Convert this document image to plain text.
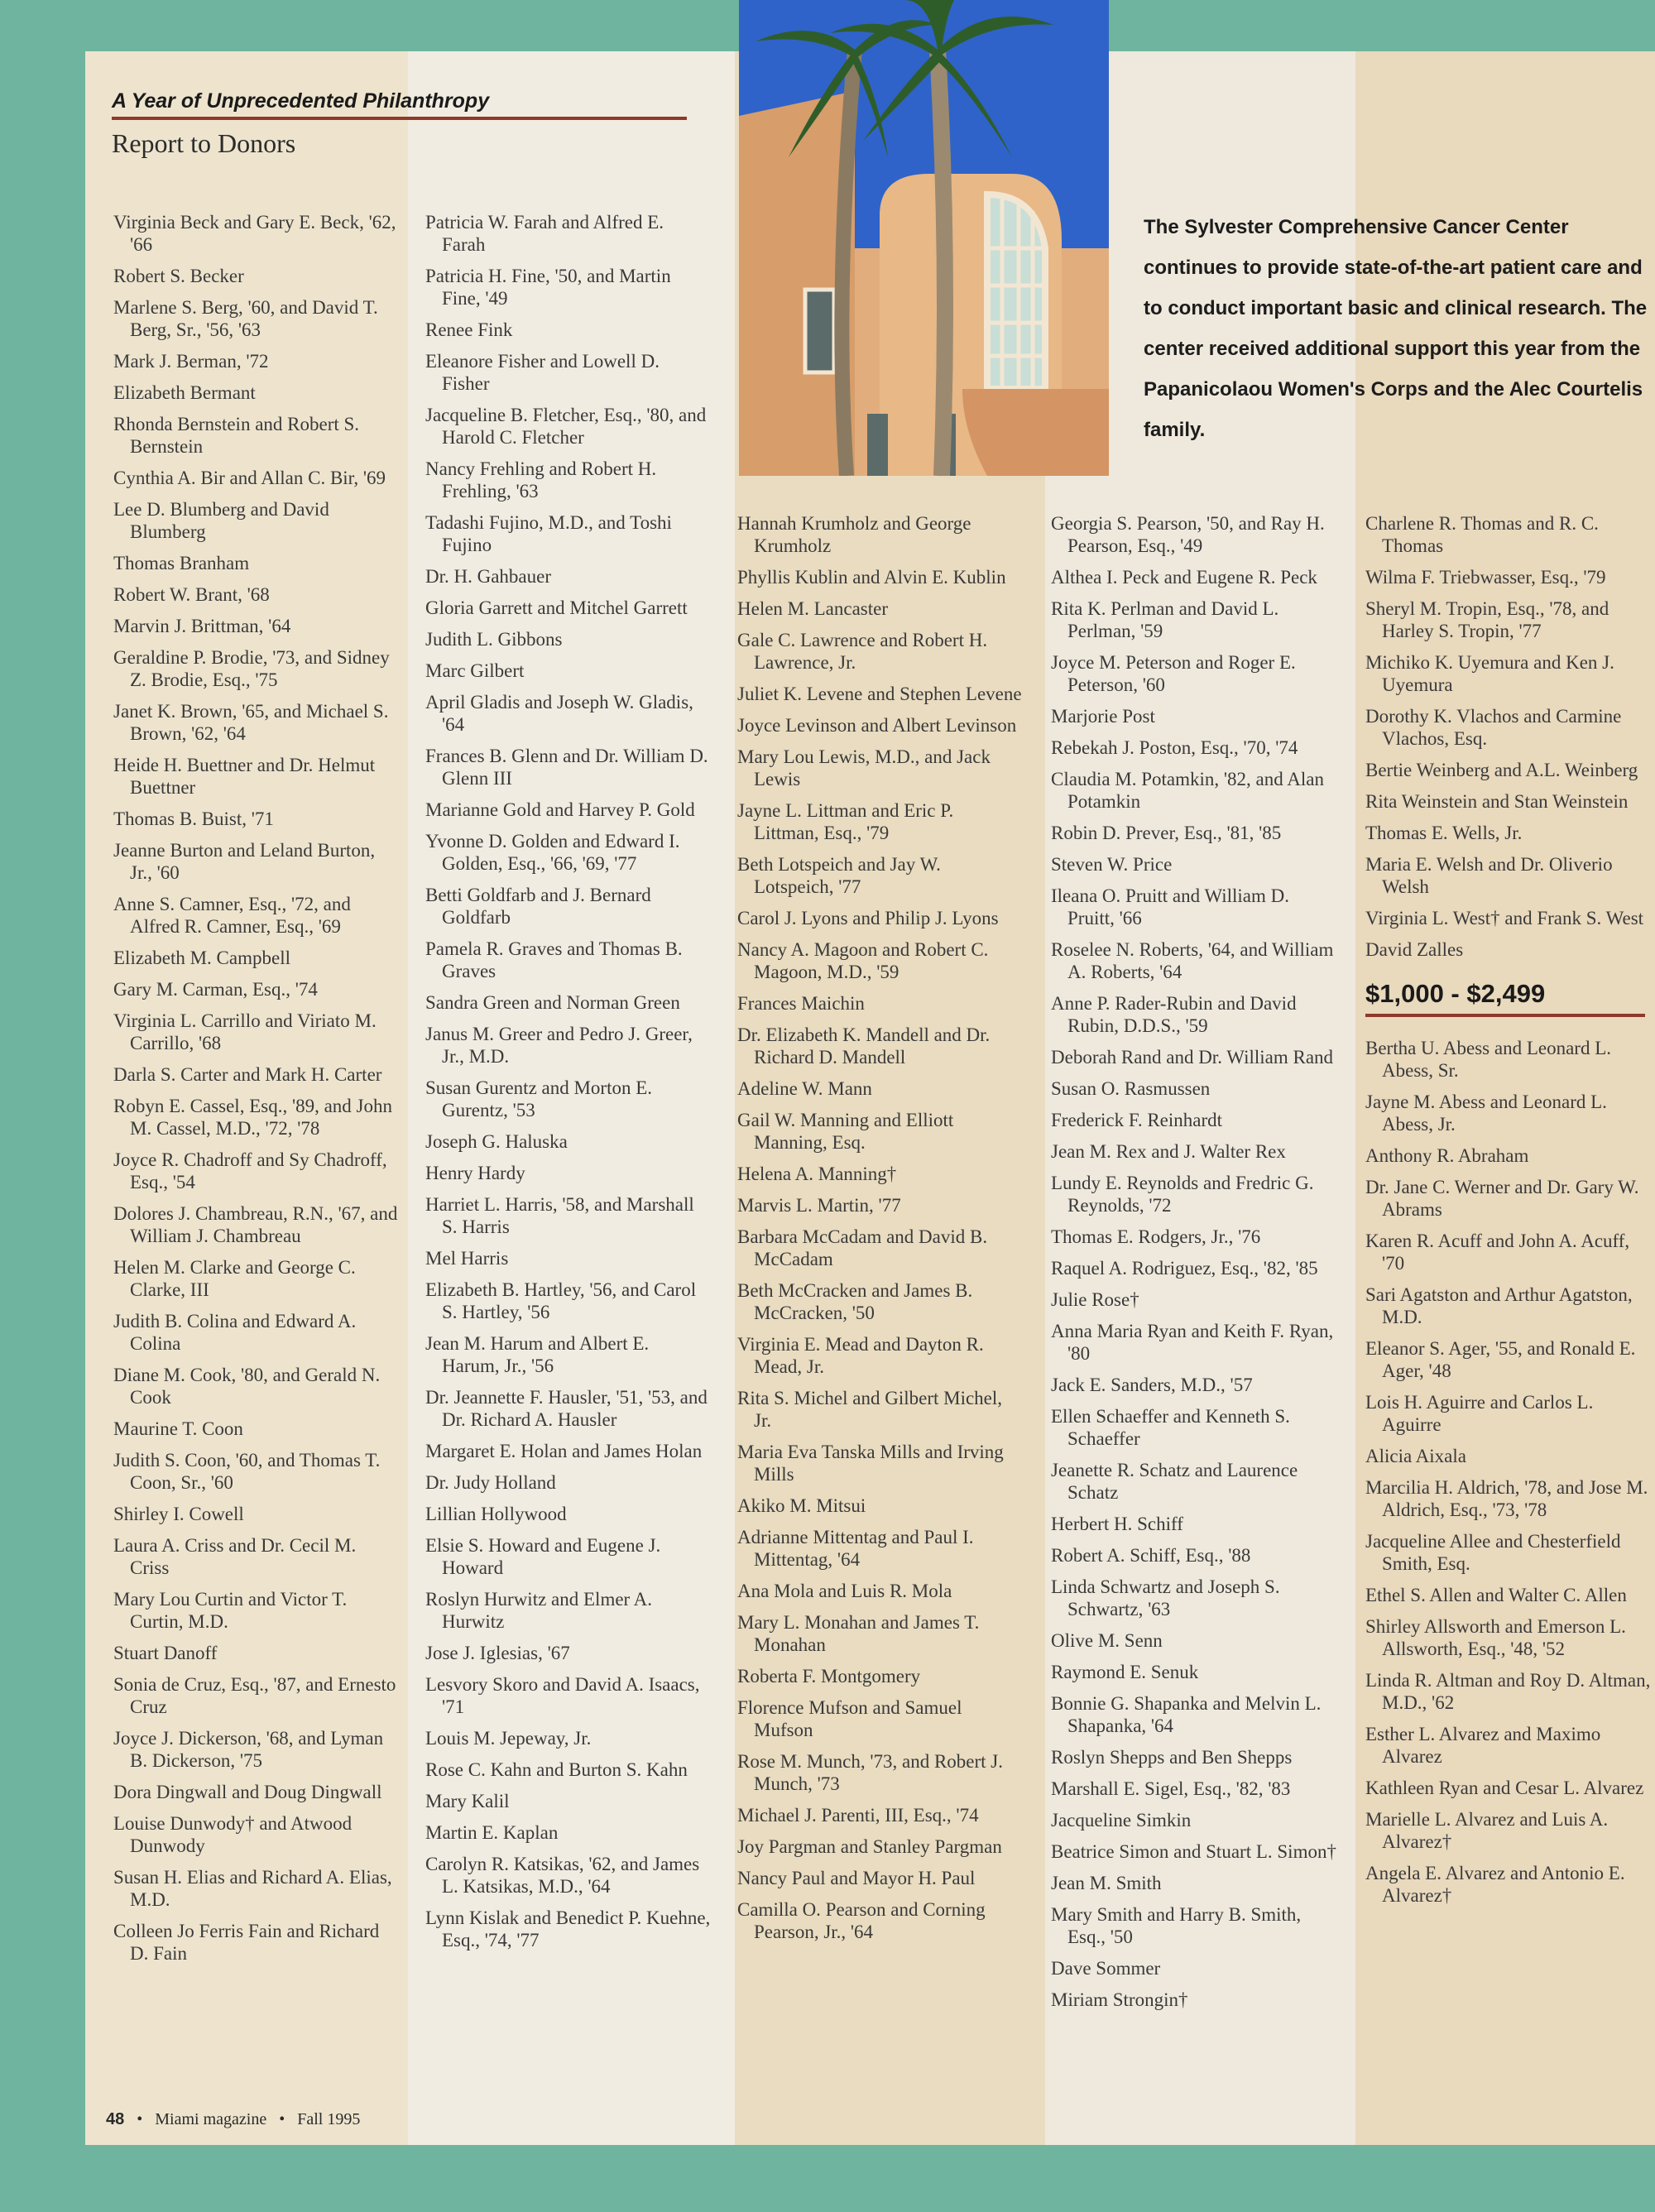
A Year of Unprecedented Philanthropy
Report to Donors
The Sylvester Comprehensive Cancer Center continues to provide state-of-the-art patient care and to conduct important basic and clinical research. The center received additional support this year from the Papanicolaou Women's Corps and the Alec Courtelis family.
Virginia Beck and Gary E. Beck, '62, '66
Robert S. Becker
Marlene S. Berg, '60, and David T. Berg, Sr., '56, '63
Mark J. Berman, '72
Elizabeth Bermant
Rhonda Bernstein and Robert S. Bernstein
Cynthia A. Bir and Allan C. Bir, '69
Lee D. Blumberg and David Blumberg
Thomas Branham
Robert W. Brant, '68
Marvin J. Brittman, '64
Geraldine P. Brodie, '73, and Sidney Z. Brodie, Esq., '75
Janet K. Brown, '65, and Michael S. Brown, '62, '64
Heide H. Buettner and Dr. Helmut Buettner
Thomas B. Buist, '71
Jeanne Burton and Leland Burton, Jr., '60
Anne S. Camner, Esq., '72, and Alfred R. Camner, Esq., '69
Elizabeth M. Campbell
Gary M. Carman, Esq., '74
Virginia L. Carrillo and Viriato M. Carrillo, '68
Darla S. Carter and Mark H. Carter
Robyn E. Cassel, Esq., '89, and John M. Cassel, M.D., '72, '78
Joyce R. Chadroff and Sy Chadroff, Esq., '54
Dolores J. Chambreau, R.N., '67, and William J. Chambreau
Helen M. Clarke and George C. Clarke, III
Judith B. Colina and Edward A. Colina
Diane M. Cook, '80, and Gerald N. Cook
Maurine T. Coon
Judith S. Coon, '60, and Thomas T. Coon, Sr., '60
Shirley I. Cowell
Laura A. Criss and Dr. Cecil M. Criss
Mary Lou Curtin and Victor T. Curtin, M.D.
Stuart Danoff
Sonia de Cruz, Esq., '87, and Ernesto Cruz
Joyce J. Dickerson, '68, and Lyman B. Dickerson, '75
Dora Dingwall and Doug Dingwall
Louise Dunwody† and Atwood Dunwody
Susan H. Elias and Richard A. Elias, M.D.
Colleen Jo Ferris Fain and Richard D. Fain
Patricia W. Farah and Alfred E. Farah
Patricia H. Fine, '50, and Martin Fine, '49
Renee Fink
Eleanore Fisher and Lowell D. Fisher
Jacqueline B. Fletcher, Esq., '80, and Harold C. Fletcher
Nancy Frehling and Robert H. Frehling, '63
Tadashi Fujino, M.D., and Toshi Fujino
Dr. H. Gahbauer
Gloria Garrett and Mitchel Garrett
Judith L. Gibbons
Marc Gilbert
April Gladis and Joseph W. Gladis, '64
Frances B. Glenn and Dr. William D. Glenn III
Marianne Gold and Harvey P. Gold
Yvonne D. Golden and Edward I. Golden, Esq., '66, '69, '77
Betti Goldfarb and J. Bernard Goldfarb
Pamela R. Graves and Thomas B. Graves
Sandra Green and Norman Green
Janus M. Greer and Pedro J. Greer, Jr., M.D.
Susan Gurentz and Morton E. Gurentz, '53
Joseph G. Haluska
Henry Hardy
Harriet L. Harris, '58, and Marshall S. Harris
Mel Harris
Elizabeth B. Hartley, '56, and Carol S. Hartley, '56
Jean M. Harum and Albert E. Harum, Jr., '56
Dr. Jeannette F. Hausler, '51, '53, and Dr. Richard A. Hausler
Margaret E. Holan and James Holan
Dr. Judy Holland
Lillian Hollywood
Elsie S. Howard and Eugene J. Howard
Roslyn Hurwitz and Elmer A. Hurwitz
Jose J. Iglesias, '67
Lesvory Skoro and David A. Isaacs, '71
Louis M. Jepeway, Jr.
Rose C. Kahn and Burton S. Kahn
Mary Kalil
Martin E. Kaplan
Carolyn R. Katsikas, '62, and James L. Katsikas, M.D., '64
Lynn Kislak and Benedict P. Kuehne, Esq., '74, '77
Hannah Krumholz and George Krumholz
Phyllis Kublin and Alvin E. Kublin
Helen M. Lancaster
Gale C. Lawrence and Robert H. Lawrence, Jr.
Juliet K. Levene and Stephen Levene
Joyce Levinson and Albert Levinson
Mary Lou Lewis, M.D., and Jack Lewis
Jayne L. Littman and Eric P. Littman, Esq., '79
Beth Lotspeich and Jay W. Lotspeich, '77
Carol J. Lyons and Philip J. Lyons
Nancy A. Magoon and Robert C. Magoon, M.D., '59
Frances Maichin
Dr. Elizabeth K. Mandell and Dr. Richard D. Mandell
Adeline W. Mann
Gail W. Manning and Elliott Manning, Esq.
Helena A. Manning†
Marvis L. Martin, '77
Barbara McCadam and David B. McCadam
Beth McCracken and James B. McCracken, '50
Virginia E. Mead and Dayton R. Mead, Jr.
Rita S. Michel and Gilbert Michel, Jr.
Maria Eva Tanska Mills and Irving Mills
Akiko M. Mitsui
Adrianne Mittentag and Paul I. Mittentag, '64
Ana Mola and Luis R. Mola
Mary L. Monahan and James T. Monahan
Roberta F. Montgomery
Florence Mufson and Samuel Mufson
Rose M. Munch, '73, and Robert J. Munch, '73
Michael J. Parenti, III, Esq., '74
Joy Pargman and Stanley Pargman
Nancy Paul and Mayor H. Paul
Camilla O. Pearson and Corning Pearson, Jr., '64
Georgia S. Pearson, '50, and Ray H. Pearson, Esq., '49
Althea I. Peck and Eugene R. Peck
Rita K. Perlman and David L. Perlman, '59
Joyce M. Peterson and Roger E. Peterson, '60
Marjorie Post
Rebekah J. Poston, Esq., '70, '74
Claudia M. Potamkin, '82, and Alan Potamkin
Robin D. Prever, Esq., '81, '85
Steven W. Price
Ileana O. Pruitt and William D. Pruitt, '66
Roselee N. Roberts, '64, and William A. Roberts, '64
Anne P. Rader-Rubin and David Rubin, D.D.S., '59
Deborah Rand and Dr. William Rand
Susan O. Rasmussen
Frederick F. Reinhardt
Jean M. Rex and J. Walter Rex
Lundy E. Reynolds and Fredric G. Reynolds, '72
Thomas E. Rodgers, Jr., '76
Raquel A. Rodriguez, Esq., '82, '85
Julie Rose†
Anna Maria Ryan and Keith F. Ryan, '80
Jack E. Sanders, M.D., '57
Ellen Schaeffer and Kenneth S. Schaeffer
Jeanette R. Schatz and Laurence Schatz
Herbert H. Schiff
Robert A. Schiff, Esq., '88
Linda Schwartz and Joseph S. Schwartz, '63
Olive M. Senn
Raymond E. Senuk
Bonnie G. Shapanka and Melvin L. Shapanka, '64
Roslyn Shepps and Ben Shepps
Marshall E. Sigel, Esq., '82, '83
Jacqueline Simkin
Beatrice Simon and Stuart L. Simon†
Jean M. Smith
Mary Smith and Harry B. Smith, Esq., '50
Dave Sommer
Miriam Strongin†
Charlene R. Thomas and R. C. Thomas
Wilma F. Triebwasser, Esq., '79
Sheryl M. Tropin, Esq., '78, and Harley S. Tropin, '77
Michiko K. Uyemura and Ken J. Uyemura
Dorothy K. Vlachos and Carmine Vlachos, Esq.
Bertie Weinberg and A.L. Weinberg
Rita Weinstein and Stan Weinstein
Thomas E. Wells, Jr.
Maria E. Welsh and Dr. Oliverio Welsh
Virginia L. West† and Frank S. West
David Zalles
$1,000 - $2,499
Bertha U. Abess and Leonard L. Abess, Sr.
Jayne M. Abess and Leonard L. Abess, Jr.
Anthony R. Abraham
Dr. Jane C. Werner and Dr. Gary W. Abrams
Karen R. Acuff and John A. Acuff, '70
Sari Agatston and Arthur Agatston, M.D.
Eleanor S. Ager, '55, and Ronald E. Ager, '48
Lois H. Aguirre and Carlos L. Aguirre
Alicia Aixala
Marcilia H. Aldrich, '78, and Jose M. Aldrich, Esq., '73, '78
Jacqueline Allee and Chesterfield Smith, Esq.
Ethel S. Allen and Walter C. Allen
Shirley Allsworth and Emerson L. Allsworth, Esq., '48, '52
Linda R. Altman and Roy D. Altman, M.D., '62
Esther L. Alvarez and Maximo Alvarez
Kathleen Ryan and Cesar L. Alvarez
Marielle L. Alvarez and Luis A. Alvarez†
Angela E. Alvarez and Antonio E. Alvarez†
48 • Miami magazine • Fall 1995
